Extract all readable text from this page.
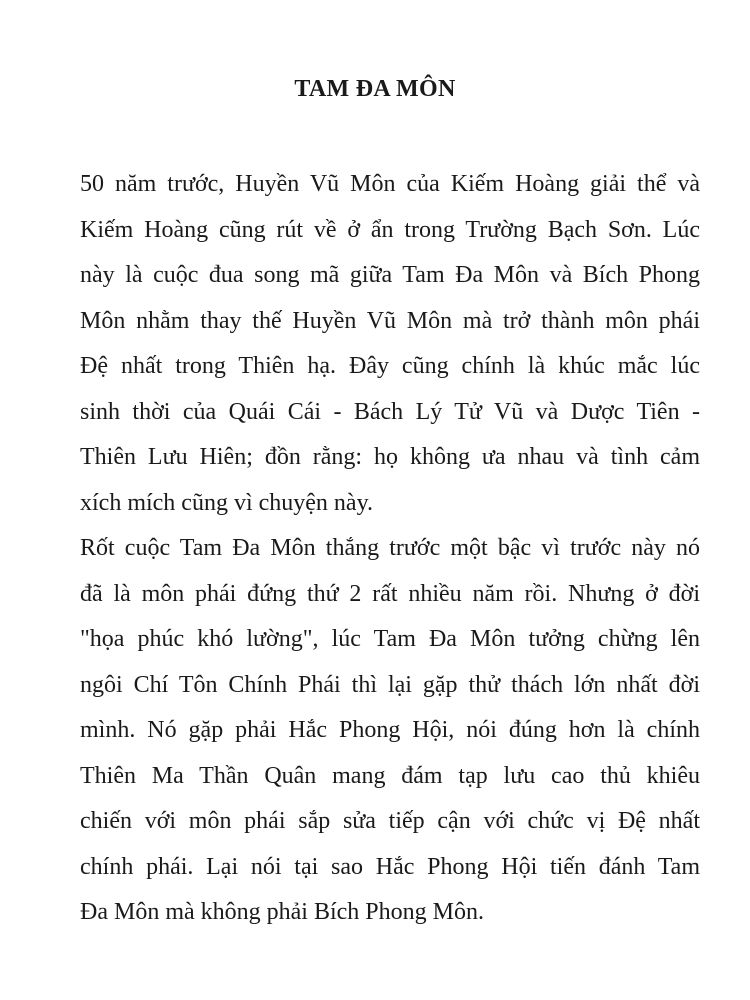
TAM ĐA MÔN

50 năm trước, Huyền Vũ Môn của Kiếm Hoàng giải thể và
Kiếm Hoàng cũng rút về ở ẩn trong Trường Bạch Sơn. Lúc
này là cuộc đua song mã giữa Tam Đa Môn và Bích Phong
Môn nhằm thay thế Huyền Vũ Môn mà trở thành môn phái
Đệ nhất trong Thiên hạ. Đây cũng chính là khúc mắc lúc
sinh thời của Quái Cái - Bách Lý Tử Vũ và Dược Tiên -
Thiên Lưu Hiên; đồn rằng: họ không ưa nhau và tình cảm
xích mích cũng vì chuyện này.

Rốt cuộc Tam Đa Môn thắng trước một bậc vì trước này nó
đã là môn phái đứng thứ 2 rất nhiều năm rồi. Nhưng ở đời
"họa phúc khó lường", lúc Tam Đa Môn tưởng chừng lên
ngôi Chí Tôn Chính Phái thì lại gặp thử thách lớn nhất đời
mình. Nó gặp phải Hắc Phong Hội, nói đúng hơn là chính
Thiên Ma Thần Quân mang đám tạp lưu cao thủ khiêu
chiến với môn phái sắp sửa tiếp cận với chức vị Đệ nhất
chính phái. Lại nói tại sao Hắc Phong Hội tiến đánh Tam
Đa Môn mà không phải Bích Phong Môn.
